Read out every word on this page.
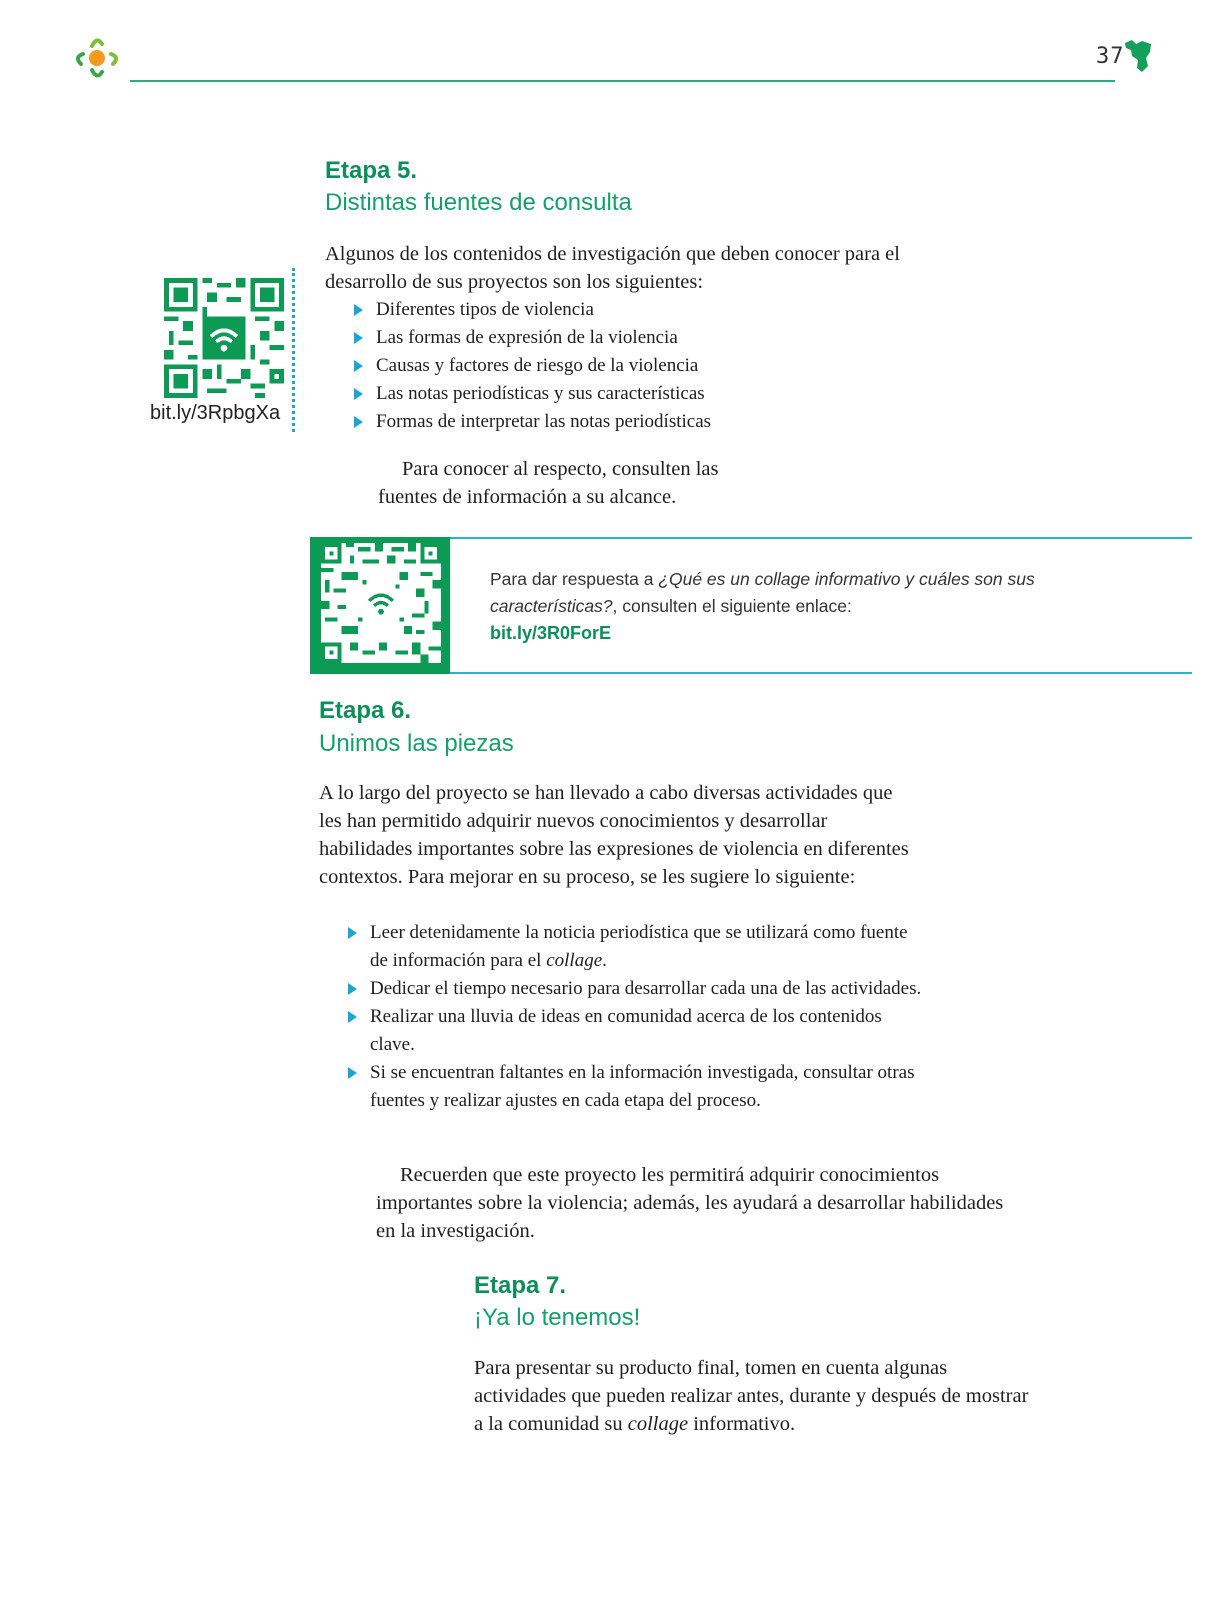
37
Etapa 5.
Distintas fuentes de consulta

Algunos de los contenidos de investigación que deben conocer para el desarrollo de sus proyectos son los siguientes:

Diferentes tipos de violencia
Las formas de expresión de la violencia
Causas y factores de riesgo de la violencia
Las notas periodísticas y sus características
Formas de interpretar las notas periodísticas

Para conocer al respecto, consulten las fuentes de información a su alcance.

bit.ly/3RpbgXa
Para dar respuesta a ¿Qué es un collage informativo y cuáles son sus características?, consulten el siguiente enlace:
bit.ly/3R0ForE
Etapa 6.
Unimos las piezas

A lo largo del proyecto se han llevado a cabo diversas actividades que les han permitido adquirir nuevos conocimientos y desarrollar habilidades importantes sobre las expresiones de violencia en diferentes contextos. Para mejorar en su proceso, se les sugiere lo siguiente:

Leer detenidamente la noticia periodística que se utilizará como fuente de información para el collage.
Dedicar el tiempo necesario para desarrollar cada una de las actividades.
Realizar una lluvia de ideas en comunidad acerca de los contenidos clave.
Si se encuentran faltantes en la información investigada, consultar otras fuentes y realizar ajustes en cada etapa del proceso.

Recuerden que este proyecto les permitirá adquirir conocimientos importantes sobre la violencia; además, les ayudará a desarrollar habilidades en la investigación.

Etapa 7.
¡Ya lo tenemos!

Para presentar su producto final, tomen en cuenta algunas actividades que pueden realizar antes, durante y después de mostrar a la comunidad su collage informativo.
